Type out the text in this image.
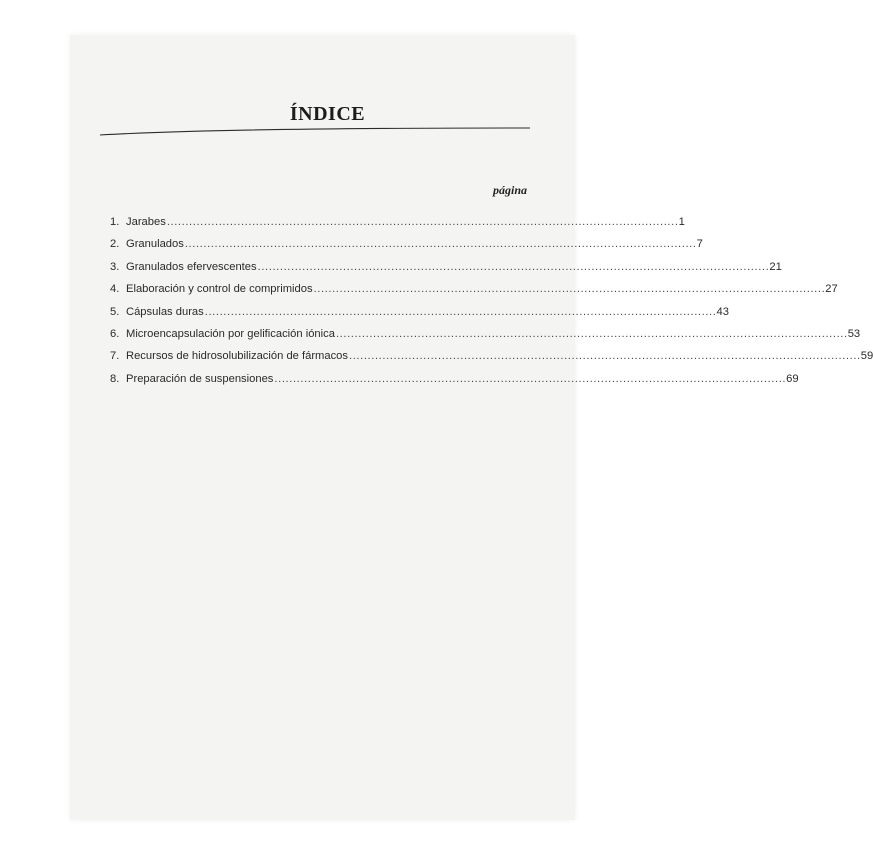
ÍNDICE
página
1. Jarabes .......................................................................................................................................... 1
2. Granulados .......................................................................................................................................... 7
3. Granulados efervescentes .......................................................................................................................................... 21
4. Elaboración y control de comprimidos .......................................................................................................................................... 27
5. Cápsulas duras .......................................................................................................................................... 43
6. Microencapsulación por gelificación iónica .......................................................................................................................................... 53
7. Recursos de hidrosolubilización de fármacos .......................................................................................................................................... 59
8. Preparación de suspensiones .......................................................................................................................................... 69
